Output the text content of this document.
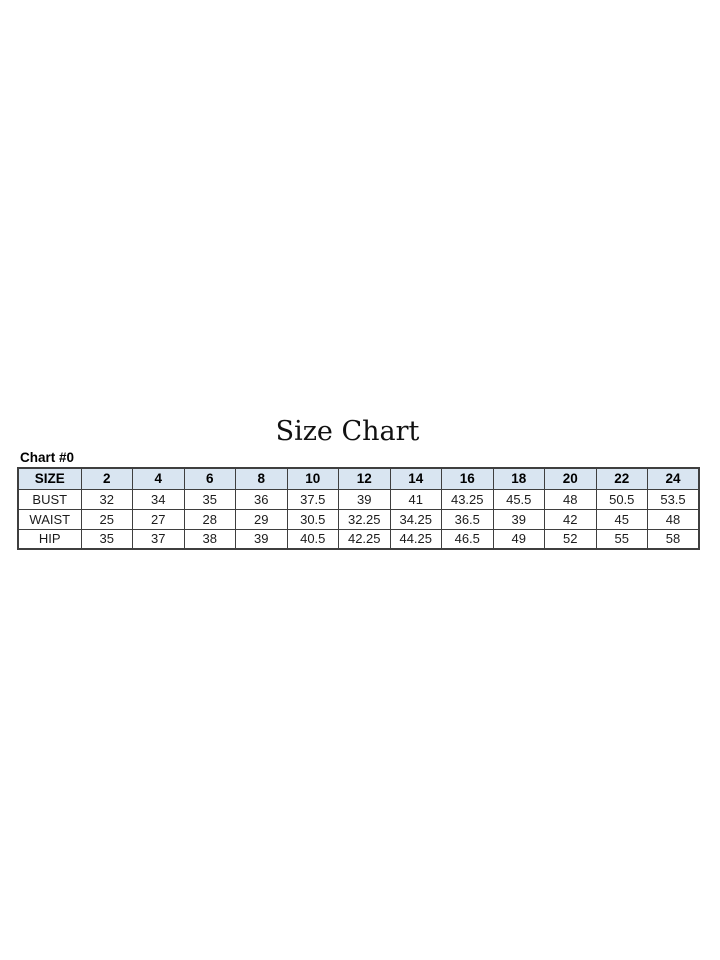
Size Chart
Chart #0
SIZE	2	4	6	8	10	12	14	16	18	20	22	24
BUST	32	34	35	36	37.5	39	41	43.25	45.5	48	50.5	53.5
WAIST	25	27	28	29	30.5	32.25	34.25	36.5	39	42	45	48
HIP	35	37	38	39	40.5	42.25	44.25	46.5	49	52	55	58
